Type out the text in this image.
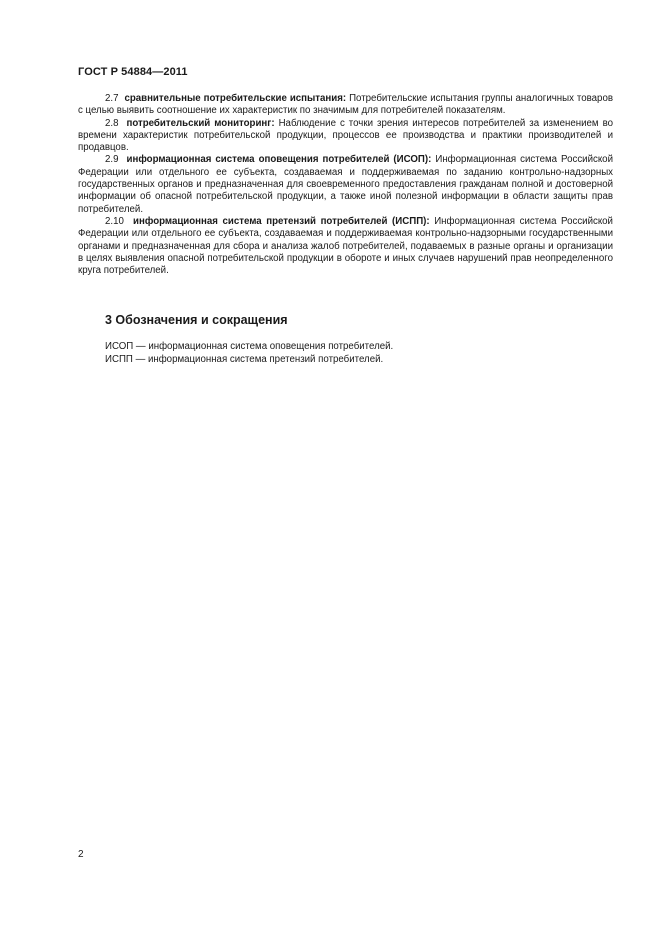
ГОСТ Р 54884—2011

2.7 сравнительные потребительские испытания: Потребительские испытания группы аналогичных товаров с целью выявить соотношение их характеристик по значимым для потребителей показателям.

2.8 потребительский мониторинг: Наблюдение с точки зрения интересов потребителей за изменением во времени характеристик потребительской продукции, процессов ее производства и практики производителей и продавцов.

2.9 информационная система оповещения потребителей (ИСОП): Информационная система Российской Федерации или отдельного ее субъекта, создаваемая и поддерживаемая по заданию контрольно-надзорных государственных органов и предназначенная для своевременного предоставления гражданам полной и достоверной информации об опасной потребительской продукции, а также иной полезной информации в области защиты прав потребителей.

2.10 информационная система претензий потребителей (ИСПП): Информационная система Российской Федерации или отдельного ее субъекта, создаваемая и поддерживаемая контрольно-надзорными государственными органами и предназначенная для сбора и анализа жалоб потребителей, подаваемых в разные органы и организации в целях выявления опасной потребительской продукции в обороте и иных случаев нарушений прав неопределенного круга потребителей.

3 Обозначения и сокращения

ИСОП — информационная система оповещения потребителей.

ИСПП — информационная система претензий потребителей.

2
